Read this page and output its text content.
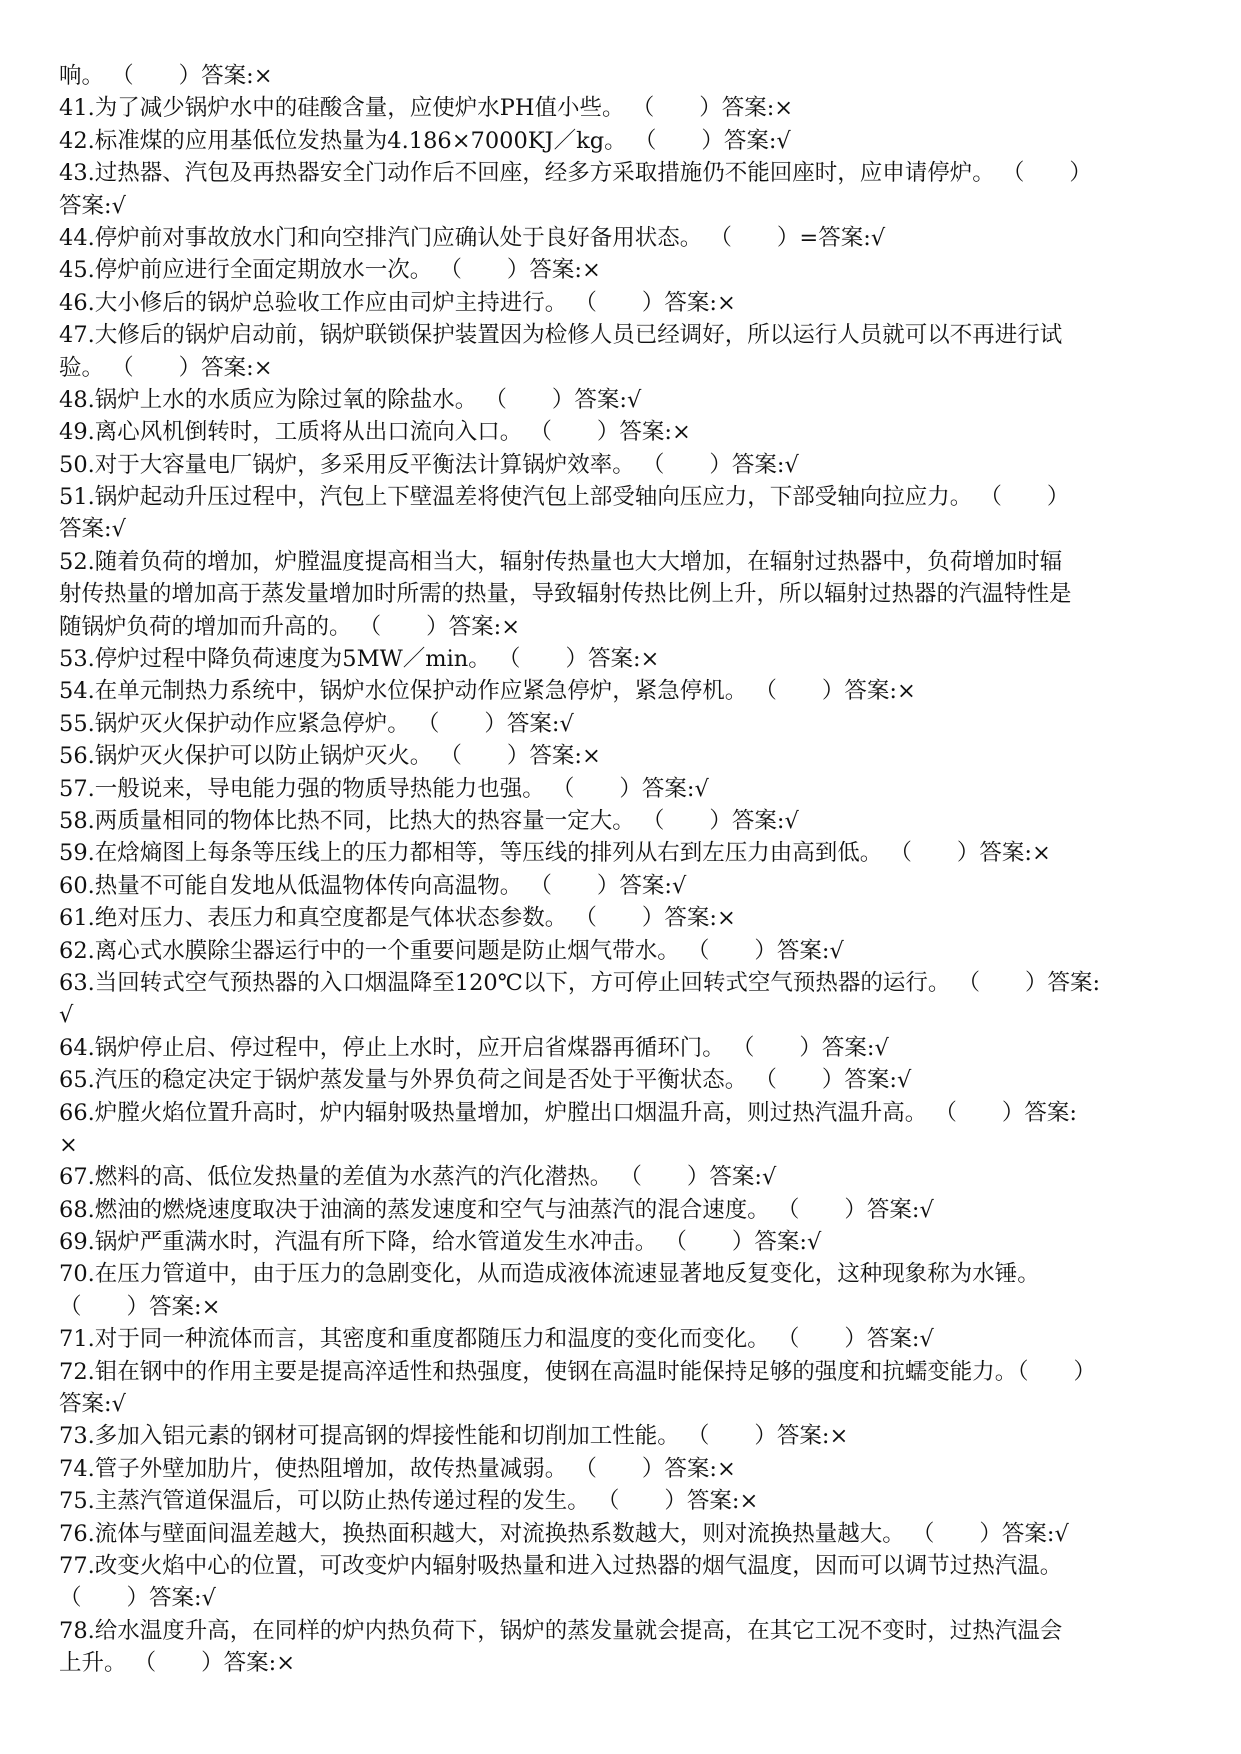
响。 （　　）答案:×
41.为了减少锅炉水中的硅酸含量，应使炉水PH值小些。 （　　）答案:×
42.标准煤的应用基低位发热量为4.186×7000KJ／kg。 （　　）答案:√
43.过热器、汽包及再热器安全门动作后不回座，经多方采取措施仍不能回座时，应申请停炉。 （　　）
答案:√
44.停炉前对事故放水门和向空排汽门应确认处于良好备用状态。 （　　）=答案:√
45.停炉前应进行全面定期放水一次。 （　　）答案:×
46.大小修后的锅炉总验收工作应由司炉主持进行。 （　　）答案:×
47.大修后的锅炉启动前，锅炉联锁保护装置因为检修人员已经调好，所以运行人员就可以不再进行试
验。 （　　）答案:×
48.锅炉上水的水质应为除过氧的除盐水。 （　　）答案:√
49.离心风机倒转时，工质将从出口流向入口。 （　　）答案:×
50.对于大容量电厂锅炉，多采用反平衡法计算锅炉效率。 （　　）答案:√
51.锅炉起动升压过程中，汽包上下壁温差将使汽包上部受轴向压应力，下部受轴向拉应力。 （　　）
答案:√
52.随着负荷的增加，炉膛温度提高相当大，辐射传热量也大大增加，在辐射过热器中，负荷增加时辐
射传热量的增加高于蒸发量增加时所需的热量，导致辐射传热比例上升，所以辐射过热器的汽温特性是
随锅炉负荷的增加而升高的。 （　　）答案:×
53.停炉过程中降负荷速度为5MW／min。 （　　）答案:×
54.在单元制热力系统中，锅炉水位保护动作应紧急停炉，紧急停机。 （　　）答案:×
55.锅炉灭火保护动作应紧急停炉。 （　　）答案:√
56.锅炉灭火保护可以防止锅炉灭火。 （　　）答案:×
57.一般说来，导电能力强的物质导热能力也强。 （　　）答案:√
58.两质量相同的物体比热不同，比热大的热容量一定大。 （　　）答案:√
59.在焓熵图上每条等压线上的压力都相等，等压线的排列从右到左压力由高到低。 （　　）答案:×
60.热量不可能自发地从低温物体传向高温物。 （　　）答案:√
61.绝对压力、表压力和真空度都是气体状态参数。 （　　）答案:×
62.离心式水膜除尘器运行中的一个重要问题是防止烟气带水。 （　　）答案:√
63.当回转式空气预热器的入口烟温降至120℃以下，方可停止回转式空气预热器的运行。 （　　）答案:
√
64.锅炉停止启、停过程中，停止上水时，应开启省煤器再循环门。 （　　）答案:√
65.汽压的稳定决定于锅炉蒸发量与外界负荷之间是否处于平衡状态。 （　　）答案:√
66.炉膛火焰位置升高时，炉内辐射吸热量增加，炉膛出口烟温升高，则过热汽温升高。 （　　）答案:
×
67.燃料的高、低位发热量的差值为水蒸汽的汽化潜热。 （　　）答案:√
68.燃油的燃烧速度取决于油滴的蒸发速度和空气与油蒸汽的混合速度。 （　　）答案:√
69.锅炉严重满水时，汽温有所下降，给水管道发生水冲击。 （　　）答案:√
70.在压力管道中，由于压力的急剧变化，从而造成液体流速显著地反复变化，这种现象称为水锤。
（　　）答案:×
71.对于同一种流体而言，其密度和重度都随压力和温度的变化而变化。 （　　）答案:√
72.钼在钢中的作用主要是提高淬适性和热强度，使钢在高温时能保持足够的强度和抗蠕变能力。（　　）
答案:√
73.多加入铝元素的钢材可提高钢的焊接性能和切削加工性能。 （　　）答案:×
74.管子外壁加肋片，使热阻增加，故传热量减弱。 （　　）答案:×
75.主蒸汽管道保温后，可以防止热传递过程的发生。 （　　）答案:×
76.流体与壁面间温差越大，换热面积越大，对流换热系数越大，则对流换热量越大。 （　　）答案:√
77.改变火焰中心的位置，可改变炉内辐射吸热量和进入过热器的烟气温度，因而可以调节过热汽温。
（　　）答案:√
78.给水温度升高，在同样的炉内热负荷下，锅炉的蒸发量就会提高，在其它工况不变时，过热汽温会
上升。 （　　）答案:×
